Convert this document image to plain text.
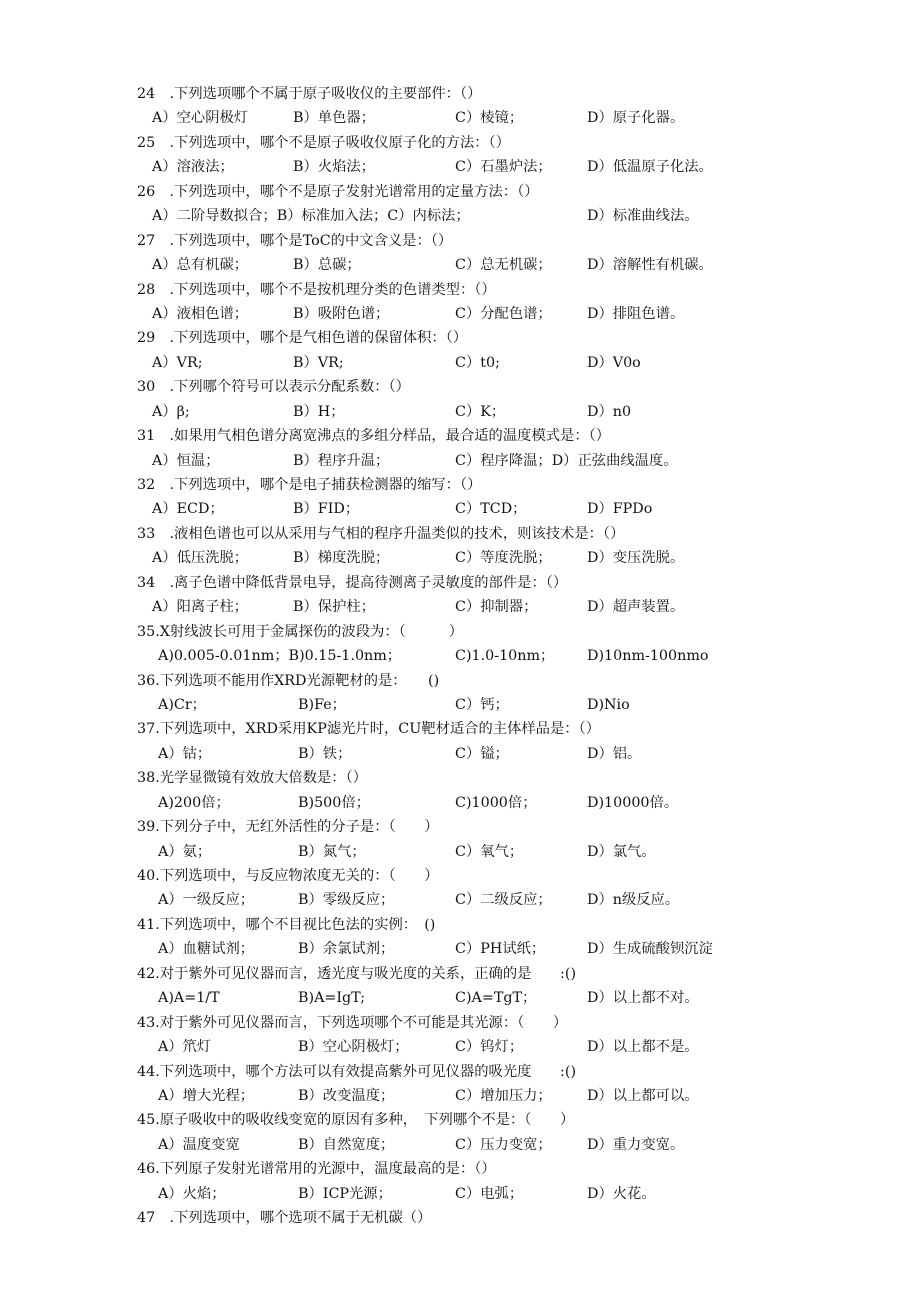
24　.下列选项哪个不属于原子吸收仪的主要部件：（）
A）空心阴极灯	B）单色器；	C）棱镜；	D）原子化器。
25　.下列选项中，哪个不是原子吸收仪原子化的方法：（）
A）溶液法；	B）火焰法；	C）石墨炉法； D）低温原子化法。
26　.下列选项中，哪个不是原子发射光谱常用的定量方法：（）
A）二阶导数拟合；B）标准加入法；C）内标法；	D）标准曲线法。
27　.下列选项中，哪个是ToC的中文含义是：（）
A）总有机碳；	B）总碳；	C）总无机碳； D）溶解性有机碳。
28　.下列选项中，哪个不是按机理分类的色谱类型：（）
A）液相色谱；	B）吸附色谱；	C）分配色谱； D）排阻色谱。
29　.下列选项中，哪个是气相色谱的保留体积：（）
A）VR;	B）VR;	C）t0;	D）V0o
30　.下列哪个符号可以表示分配系数：（）
A）β;	B）H；	C）K；	D）n0
31　.如果用气相色谱分离宽沸点的多组分样品，最合适的温度模式是：（）
A）恒温；	B）程序升温；	C）程序降温；D）正弦曲线温度。
32　.下列选项中，哪个是电子捕获检测器的缩写：（）
A）ECD；	B）FID；	C）TCD；	D）FPDo
33　.液相色谱也可以从采用与气相的程序升温类似的技术，则该技术是：（）
A）低压洗脱；	B）梯度洗脱；	C）等度洗脱； D）变压洗脱。
34　.离子色谱中降低背景电导，提高待测离子灵敏度的部件是：（）
A）阳离子柱；	B）保护柱；	C）抑制器；	D）超声装置。
35.X射线波长可用于金属探伤的波段为：（　　　）
A)0.005-0.01nm；B)0.15-1.0nm；	C)1.0-10nm； D)10nm-100nmo
36.下列选项不能用作XRD光源靶材的是：　　()
A)Cr；	B)Fe；	C）钙；	D)Nio
37.下列选项中，XRD采用KP滤光片时，CU靶材适合的主体样品是：（）
A）钴；	B）铁；	C）镒；	D）铝。
38.光学显微镜有效放大倍数是：（）
A)200倍；	B)500倍；	C)1000倍；	D)10000倍。
39.下列分子中，无红外活性的分子是：（　　）
A）氨；	B）氮气；	C）氧气；	D）氯气。
40.下列选项中，与反应物浓度无关的：（　　）
A）一级反应；	B）零级反应；	C）二级反应； D）n级反应。
41.下列选项中，哪个不目视比色法的实例：　()
A）血糖试剂；	B）余氯试剂；	C）PH试纸；	D）生成硫酸钡沉淀
42.对于紫外可见仪器而言，透光度与吸光度的关系，正确的是　　:()
A)A=1/T	B)A=IgT;	C)A=TgT；	D）以上都不对。
43.对于紫外可见仪器而言，下列选项哪个不可能是其光源：（　　）
A）笊灯	B）空心阴极灯；	C）钨灯；	D）以上都不是。
44.下列选项中，哪个方法可以有效提高紫外可见仪器的吸光度　　:()
A）增大光程；	B）改变温度；	C）增加压力； D）以上都可以。
45.原子吸收中的吸收线变宽的原因有多种，　下列哪个不是：（　　）
A）温度变宽	B）自然宽度；	C）压力变宽； D）重力变宽。
46.下列原子发射光谱常用的光源中，温度最高的是：（）
A）火焰；	B）ICP光源；	C）电弧；	D）火花。
47　.下列选项中，哪个选项不属于无机碳（）
